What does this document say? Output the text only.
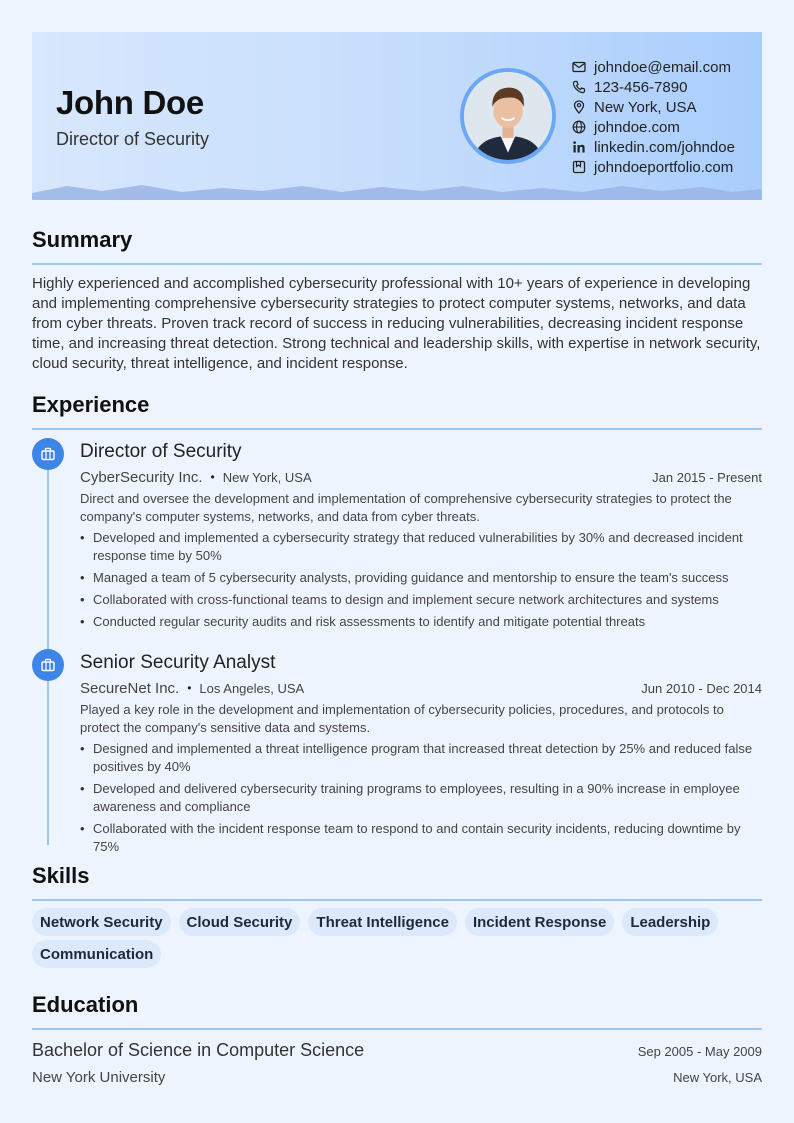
John Doe
Director of Security
johndoe@email.com
123-456-7890
New York, USA
johndoe.com
linkedin.com/johndoe
johndoeportfolio.com
Summary
Highly experienced and accomplished cybersecurity professional with 10+ years of experience in developing and implementing comprehensive cybersecurity strategies to protect computer systems, networks, and data from cyber threats. Proven track record of success in reducing vulnerabilities, decreasing incident response time, and increasing threat detection. Strong technical and leadership skills, with expertise in network security, cloud security, threat intelligence, and incident response.
Experience
Director of Security
CyberSecurity Inc. • New York, USA	Jan 2015 - Present
Direct and oversee the development and implementation of comprehensive cybersecurity strategies to protect the company's computer systems, networks, and data from cyber threats.
• Developed and implemented a cybersecurity strategy that reduced vulnerabilities by 30% and decreased incident response time by 50%
• Managed a team of 5 cybersecurity analysts, providing guidance and mentorship to ensure the team's success
• Collaborated with cross-functional teams to design and implement secure network architectures and systems
• Conducted regular security audits and risk assessments to identify and mitigate potential threats
Senior Security Analyst
SecureNet Inc. • Los Angeles, USA	Jun 2010 - Dec 2014
Played a key role in the development and implementation of cybersecurity policies, procedures, and protocols to protect the company's sensitive data and systems.
• Designed and implemented a threat intelligence program that increased threat detection by 25% and reduced false positives by 40%
• Developed and delivered cybersecurity training programs to employees, resulting in a 90% increase in employee awareness and compliance
• Collaborated with the incident response team to respond to and contain security incidents, reducing downtime by 75%
Skills
Network Security	Cloud Security	Threat Intelligence	Incident Response	Leadership
Communication
Education
Bachelor of Science in Computer Science	Sep 2005 - May 2009
New York University	New York, USA
